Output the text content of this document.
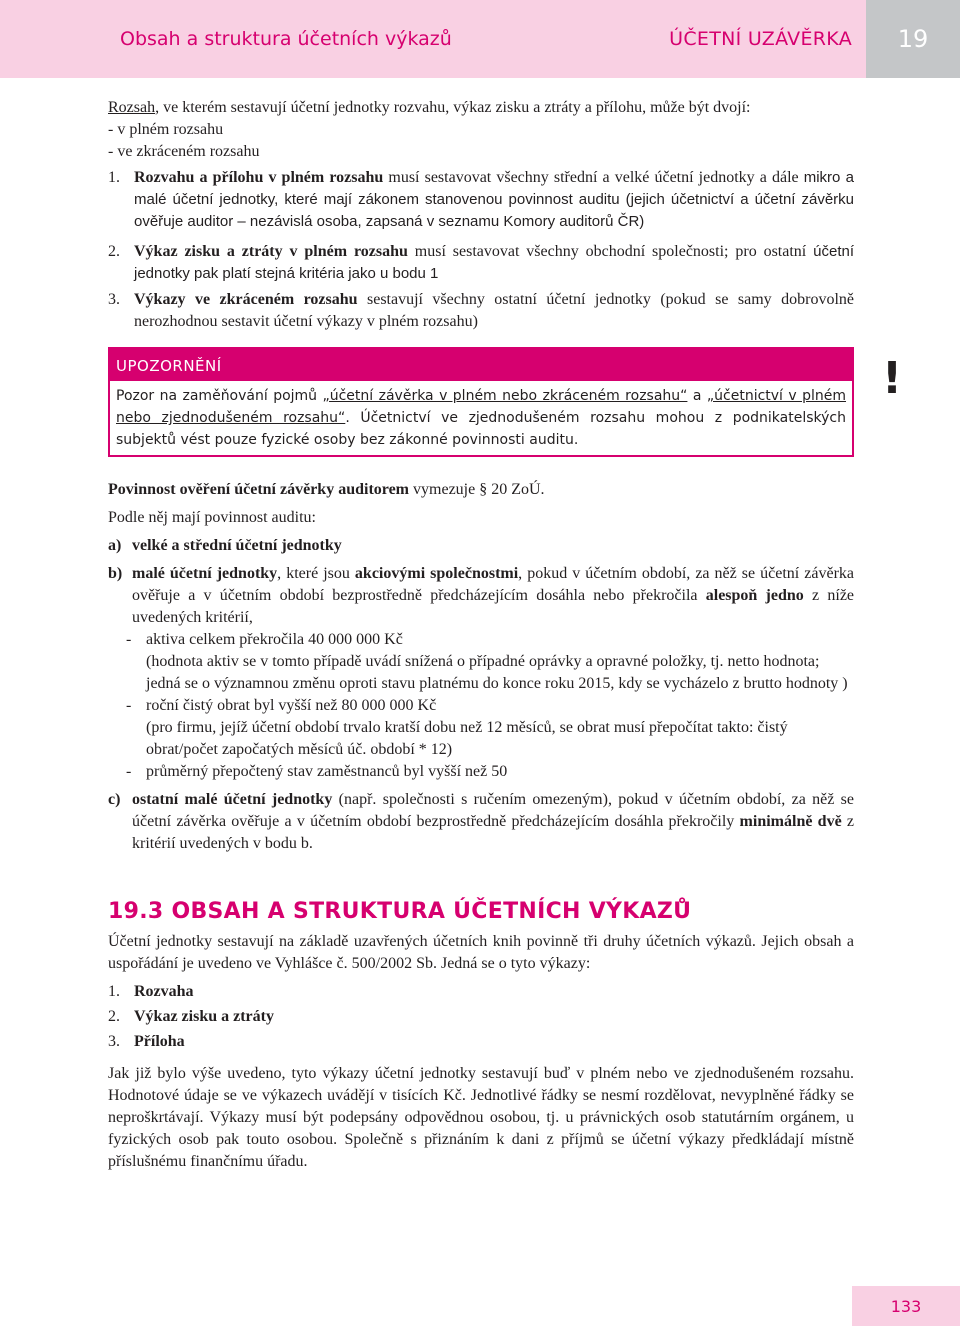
Obsah a struktura účetních výkazů	ÚČETNÍ UZÁVĚRKA	19

Rozsah, ve kterém sestavují účetní jednotky rozvahu, výkaz zisku a ztráty a přílohu, může být dvojí:

- v plném rozsahu

- ve zkráceném rozsahu

1. Rozvahu a přílohu v plném rozsahu musí sestavovat všechny střední a velké účetní jednotky a dále mikro a malé účetní jednotky, které mají zákonem stanovenou povinnost auditu (jejich účetnictví a účetní závěrku ověřuje auditor – nezávislá osoba, zapsaná v seznamu Komory auditorů ČR)
2. Výkaz zisku a ztráty v plném rozsahu musí sestavovat všechny obchodní společnosti; pro ostatní účetní jednotky pak platí stejná kritéria jako u bodu 1
3. Výkazy ve zkráceném rozsahu sestavují všechny ostatní účetní jednotky (pokud se samy dobrovolně nerozhodnou sestavit účetní výkazy v plném rozsahu)
UPOZORNĚNÍ
Pozor na zaměňování pojmů „účetní závěrka v plném nebo zkráceném rozsahu“ a „účetnictví v plném nebo zjednodušeném rozsahu“. Účetnictví ve zjednodušeném rozsahu mohou z podnikatelských subjektů vést pouze fyzické osoby bez zákonné povinnosti auditu.

Povinnost ověření účetní závěrky auditorem vymezuje § 20 ZoÚ.

Podle něj mají povinnost auditu:

a) velké a střední účetní jednotky
b) malé účetní jednotky, které jsou akciovými společnostmi, pokud v účetním období, za něž se účetní závěrka ověřuje a v účetním období bezprostředně předcházejícím dosáhla nebo překročila alespoň jedno z níže uvedených kritérií,
- aktiva celkem překročila 40 000 000 Kč
(hodnota aktiv se v tomto případě uvádí snížená o případné oprávky a opravné položky, tj. netto hodnota; jedná se o významnou změnu oproti stavu platnému do konce roku 2015, kdy se vycházelo z brutto hodnoty )
- roční čistý obrat byl vyšší než 80 000 000 Kč
(pro firmu, jejíž účetní období trvalo kratší dobu než 12 měsíců, se obrat musí přepočítat takto: čistý obrat/počet započatých měsíců úč. období * 12)
- průměrný přepočtený stav zaměstnanců byl vyšší než 50
c) ostatní malé účetní jednotky (např. společnosti s ručením omezeným), pokud v účetním období, za něž se účetní závěrka ověřuje a v účetním období bezprostředně předcházejícím dosáhla překročily minimálně dvě z kritérií uvedených v bodu b.
19.3 OBSAH A STRUKTURA ÚČETNÍCH VÝKAZŮ

Účetní jednotky sestavují na základě uzavřených účetních knih povinně tři druhy účetních výkazů. Jejich obsah a uspořádání je uvedeno ve Vyhlášce č. 500/2002 Sb. Jedná se o tyto výkazy:

1. Rozvaha
2. Výkaz zisku a ztráty
3. Příloha

Jak již bylo výše uvedeno, tyto výkazy účetní jednotky sestavují buď v plném nebo ve zjednodušeném rozsahu. Hodnotové údaje se ve výkazech uvádějí v tisících Kč. Jednotlivé řádky se nesmí rozdělovat, nevyplněné řádky se neproškrtávají. Výkazy musí být podepsány odpovědnou osobou, tj. u právnických osob statutárním orgánem, u fyzických osob pak touto osobou. Společně s přiznáním k dani z příjmů se účetní výkazy předkládají místně příslušnému finančnímu úřadu.

!
133
